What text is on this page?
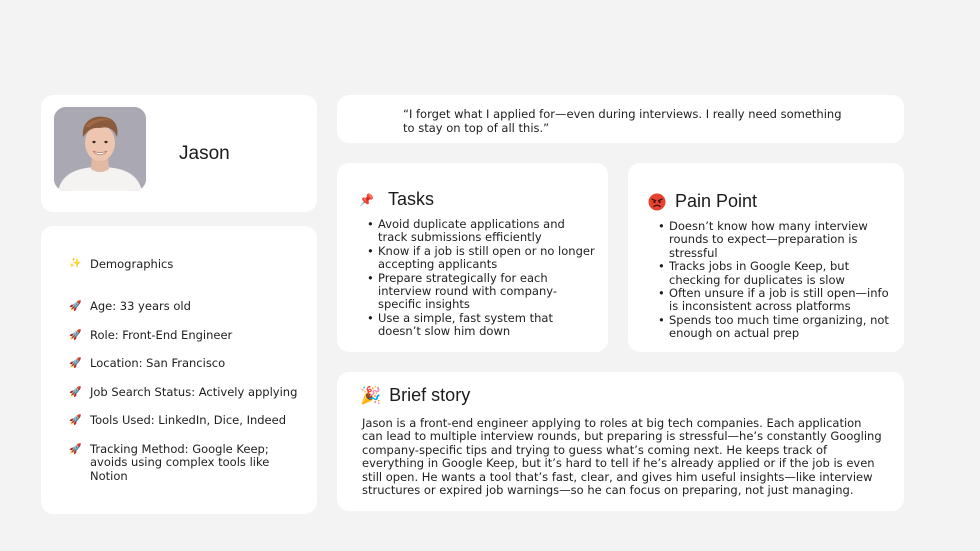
Jason
✨ Demographics
🚀 Age: 33 years old
🚀 Role: Front-End Engineer
🚀 Location: San Francisco
🚀 Job Search Status: Actively applying
🚀 Tools Used: LinkedIn, Dice, Indeed
🚀 Tracking Method: Google Keep; avoids using complex tools like Notion
“I forget what I applied for—even during interviews. I really need something to stay on top of all this.”
📌 Tasks
• Avoid duplicate applications and track submissions efficiently
• Know if a job is still open or no longer accepting applicants
• Prepare strategically for each interview round with company-specific insights
• Use a simple, fast system that doesn’t slow him down
Pain Point
• Doesn’t know how many interview rounds to expect—preparation is stressful
• Tracks jobs in Google Keep, but checking for duplicates is slow
• Often unsure if a job is still open—info is inconsistent across platforms
• Spends too much time organizing, not enough on actual prep
🎉 Brief story
Jason is a front-end engineer applying to roles at big tech companies. Each application can lead to multiple interview rounds, but preparing is stressful—he’s constantly Googling company-specific tips and trying to guess what’s coming next. He keeps track of everything in Google Keep, but it’s hard to tell if he’s already applied or if the job is even still open. He wants a tool that’s fast, clear, and gives him useful insights—like interview structures or expired job warnings—so he can focus on preparing, not just managing.
